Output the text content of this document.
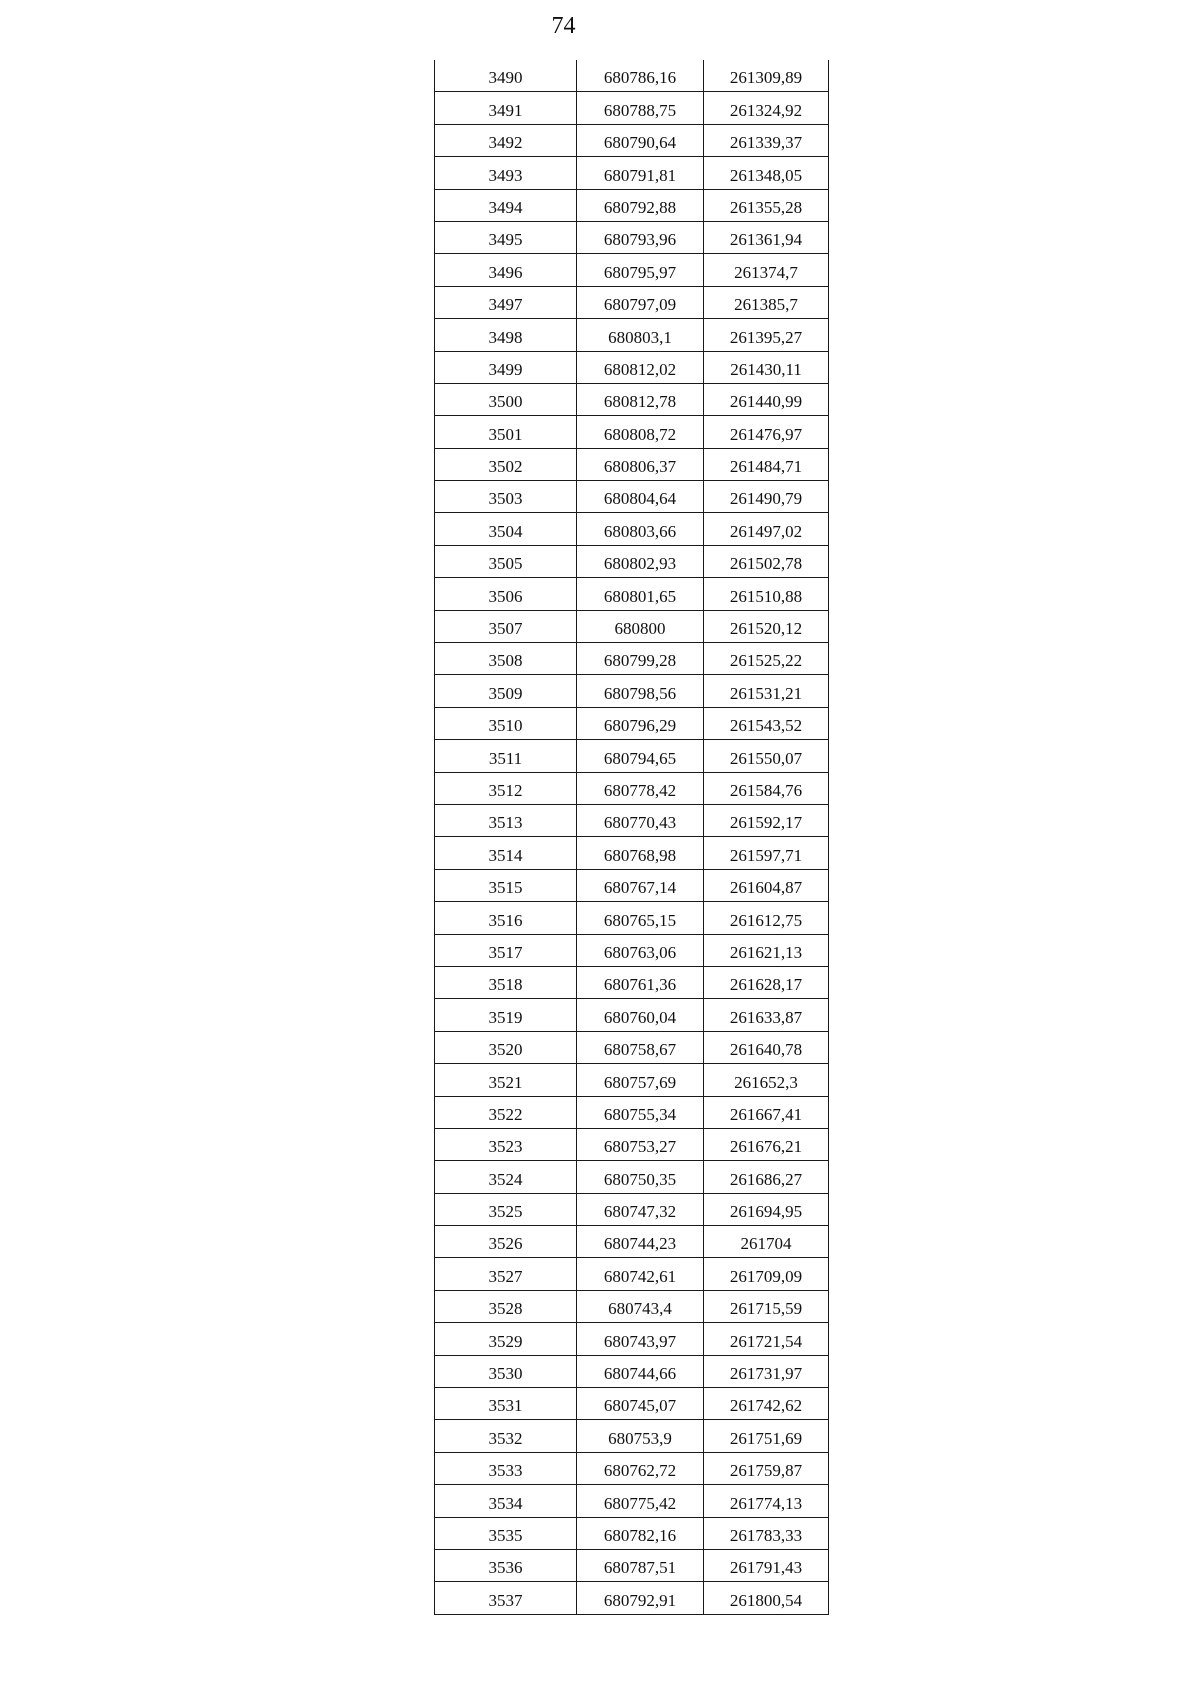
74
3490	680786,16	261309,89
3491	680788,75	261324,92
3492	680790,64	261339,37
3493	680791,81	261348,05
3494	680792,88	261355,28
3495	680793,96	261361,94
3496	680795,97	261374,7
3497	680797,09	261385,7
3498	680803,1	261395,27
3499	680812,02	261430,11
3500	680812,78	261440,99
3501	680808,72	261476,97
3502	680806,37	261484,71
3503	680804,64	261490,79
3504	680803,66	261497,02
3505	680802,93	261502,78
3506	680801,65	261510,88
3507	680800	261520,12
3508	680799,28	261525,22
3509	680798,56	261531,21
3510	680796,29	261543,52
3511	680794,65	261550,07
3512	680778,42	261584,76
3513	680770,43	261592,17
3514	680768,98	261597,71
3515	680767,14	261604,87
3516	680765,15	261612,75
3517	680763,06	261621,13
3518	680761,36	261628,17
3519	680760,04	261633,87
3520	680758,67	261640,78
3521	680757,69	261652,3
3522	680755,34	261667,41
3523	680753,27	261676,21
3524	680750,35	261686,27
3525	680747,32	261694,95
3526	680744,23	261704
3527	680742,61	261709,09
3528	680743,4	261715,59
3529	680743,97	261721,54
3530	680744,66	261731,97
3531	680745,07	261742,62
3532	680753,9	261751,69
3533	680762,72	261759,87
3534	680775,42	261774,13
3535	680782,16	261783,33
3536	680787,51	261791,43
3537	680792,91	261800,54
